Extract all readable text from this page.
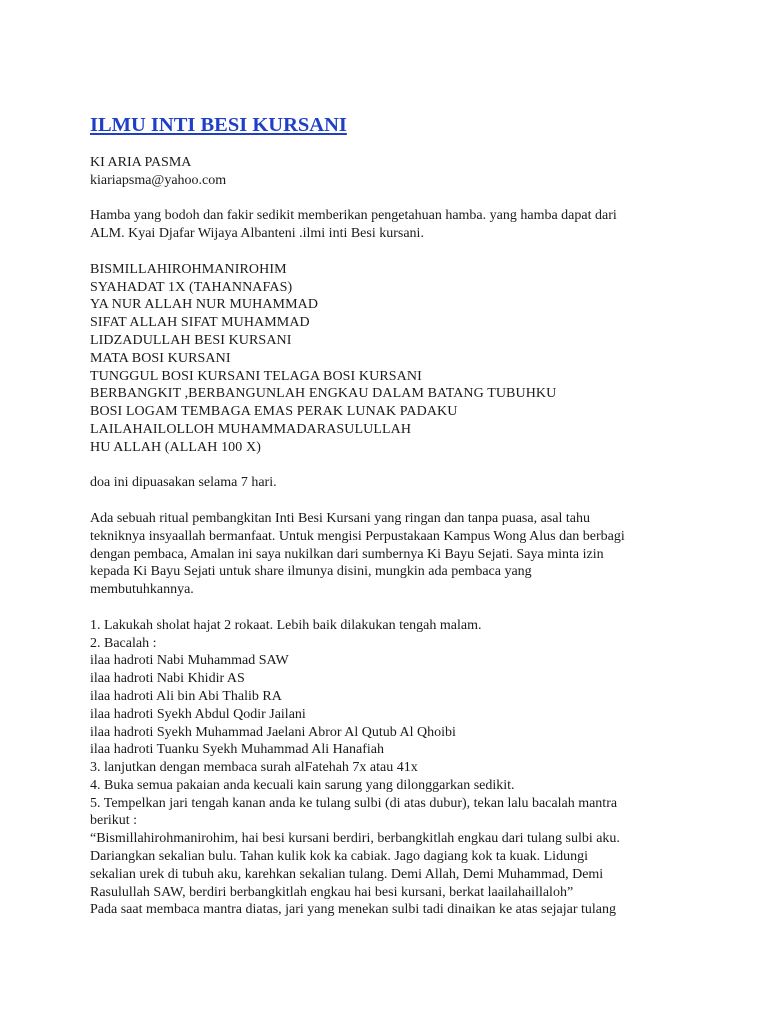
ILMU INTI BESI KURSANI
KI ARIA PASMA
kiariapsma@yahoo.com
Hamba yang bodoh dan fakir sedikit memberikan pengetahuan hamba. yang hamba dapat dari
ALM. Kyai Djafar Wijaya Albanteni .ilmi inti Besi kursani.
BISMILLAHIROHMANIROHIM
SYAHADAT 1X (TAHANNAFAS)
YA NUR ALLAH NUR MUHAMMAD
SIFAT ALLAH SIFAT MUHAMMAD
LIDZADULLAH BESI KURSANI
MATA BOSI KURSANI
TUNGGUL BOSI KURSANI TELAGA BOSI KURSANI
BERBANGKIT ,BERBANGUNLAH ENGKAU DALAM BATANG TUBUHKU
BOSI LOGAM TEMBAGA EMAS PERAK LUNAK PADAKU
LAILAHAILOLLOH MUHAMMADARASULULLAH
HU ALLAH (ALLAH 100 X)
doa ini dipuasakan selama 7 hari.
Ada sebuah ritual pembangkitan Inti Besi Kursani yang ringan dan tanpa puasa, asal tahu
tekniknya insyaallah bermanfaat. Untuk mengisi Perpustakaan Kampus Wong Alus dan berbagi
dengan pembaca, Amalan ini saya nukilkan dari sumbernya Ki Bayu Sejati. Saya minta izin
kepada Ki Bayu Sejati untuk share ilmunya disini, mungkin ada pembaca yang
membutuhkannya.
1. Lakukah sholat hajat 2 rokaat. Lebih baik dilakukan tengah malam.
2. Bacalah :
ilaa hadroti Nabi Muhammad SAW
ilaa hadroti Nabi Khidir AS
ilaa hadroti Ali bin Abi Thalib RA
ilaa hadroti Syekh Abdul Qodir Jailani
ilaa hadroti Syekh Muhammad Jaelani Abror Al Qutub Al Qhoibi
ilaa hadroti Tuanku Syekh Muhammad Ali Hanafiah
3. lanjutkan dengan membaca surah alFatehah 7x atau 41x
4. Buka semua pakaian anda kecuali kain sarung yang dilonggarkan sedikit.
5. Tempelkan jari tengah kanan anda ke tulang sulbi (di atas dubur), tekan lalu bacalah mantra
berikut :
“Bismillahirohmanirohim, hai besi kursani berdiri, berbangkitlah engkau dari tulang sulbi aku.
Dariangkan sekalian bulu. Tahan kulik kok ka cabiak. Jago dagiang kok ta kuak. Lidungi
sekalian urek di tubuh aku, karehkan sekalian tulang. Demi Allah, Demi Muhammad, Demi
Rasulullah SAW, berdiri berbangkitlah engkau hai besi kursani, berkat laailahaillaloh”
Pada saat membaca mantra diatas, jari yang menekan sulbi tadi dinaikan ke atas sejajar tulang
